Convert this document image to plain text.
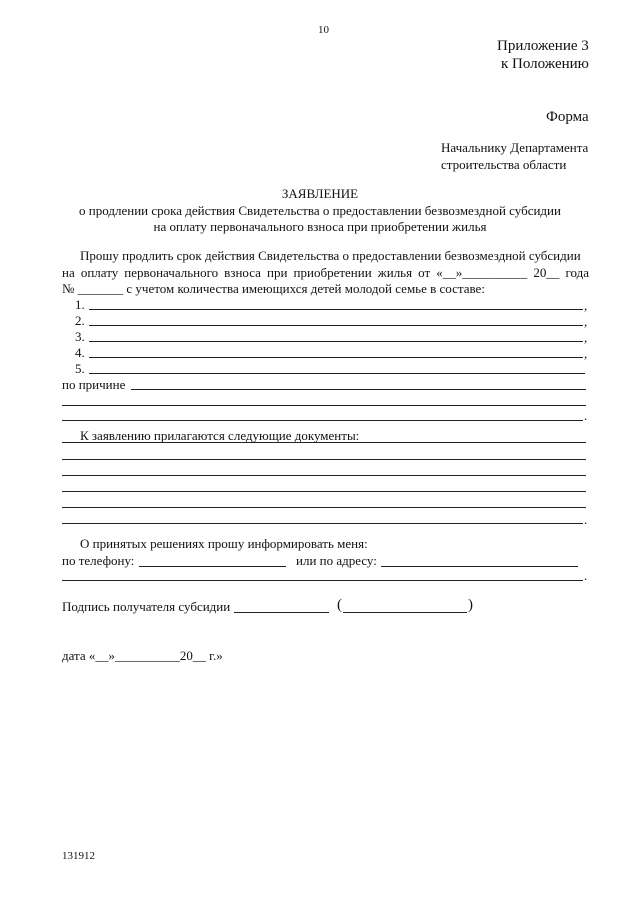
10
Приложение 3
к Положению
Форма
Начальнику Департамента
строительства области
ЗАЯВЛЕНИЕ
о продлении срока действия Свидетельства о предоставлении безвозмездной субсидии
на оплату первоначального взноса при приобретении жилья
Прошу продлить срок действия Свидетельства о предоставлении безвозмездной субсидии
на оплату первоначального взноса при приобретении жилья от «__»__________ 20__ года
№ _______ с учетом количества имеющихся детей молодой семье в составе:
1.	,
2.	,
3.	,
4.	,
5.
по причине
.
К заявлению прилагаются следующие документы:
.
О принятых решениях прошу информировать меня:
по телефону:	или по адресу:
.
Подпись получателя субсидии	(	)
дата «__»__________20__ г.»
131912
